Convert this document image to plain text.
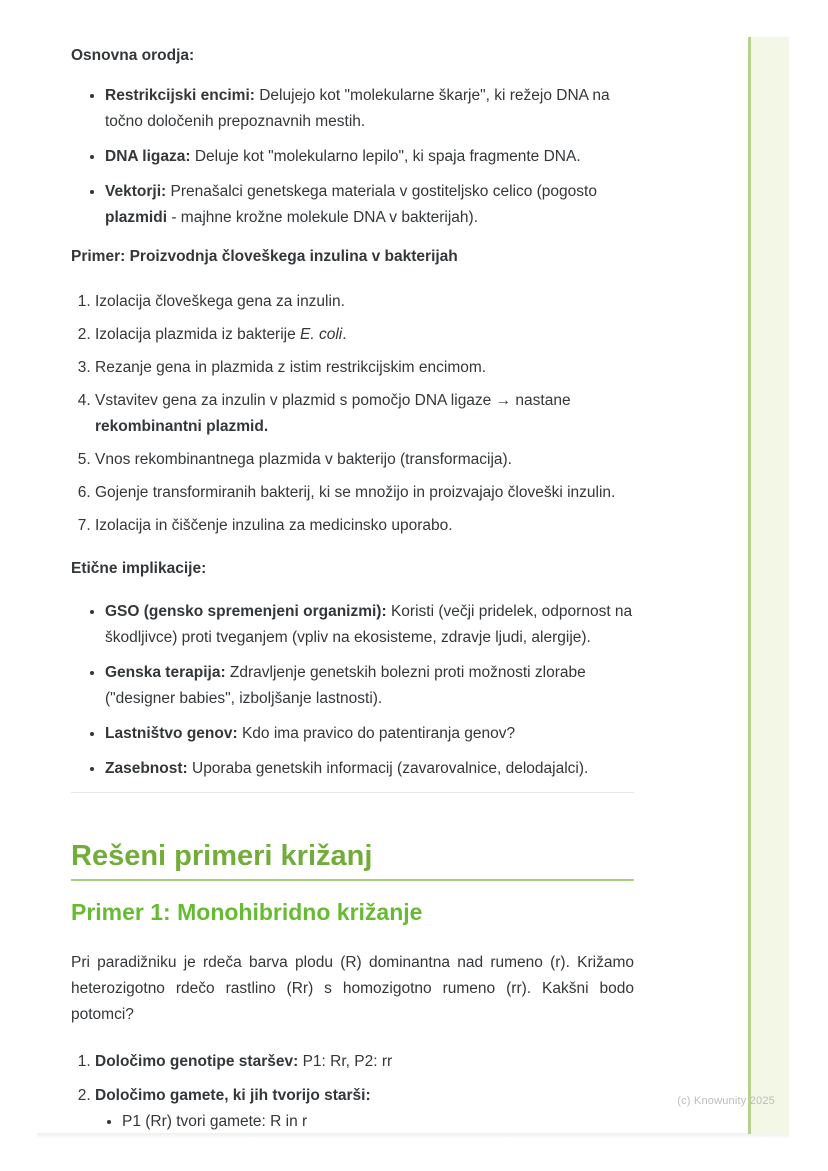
Osnovna orodja:

• Restrikcijski encimi: Delujejo kot "molekularne škarje", ki režejo DNA na točno določenih prepoznavnih mestih.
• DNA ligaza: Deluje kot "molekularno lepilo", ki spaja fragmente DNA.
• Vektorji: Prenašalci genetskega materiala v gostiteljsko celico (pogosto plazmidi - majhne krožne molekule DNA v bakterijah).

Primer: Proizvodnja človeškega inzulina v bakterijah

1. Izolacija človeškega gena za inzulin.
2. Izolacija plazmida iz bakterije E. coli.
3. Rezanje gena in plazmida z istim restrikcijskim encimom.
4. Vstavitev gena za inzulin v plazmid s pomočjo DNA ligaze → nastane rekombinantni plazmid.
5. Vnos rekombinantnega plazmida v bakterijo (transformacija).
6. Gojenje transformiranih bakterij, ki se množijo in proizvajajo človeški inzulin.
7. Izolacija in čiščenje inzulina za medicinsko uporabo.

Etične implikacije:

• GSO (gensko spremenjeni organizmi): Koristi (večji pridelek, odpornost na škodljivce) proti tveganjem (vpliv na ekosisteme, zdravje ljudi, alergije).
• Genska terapija: Zdravljenje genetskih bolezni proti možnosti zlorabe ("designer babies", izboljšanje lastnosti).
• Lastništvo genov: Kdo ima pravico do patentiranja genov?
• Zasebnost: Uporaba genetskih informacij (zavarovalnice, delodajalci).
Rešeni primeri križanj
Primer 1: Monohibridno križanje

Pri paradižniku je rdeča barva plodu (R) dominantna nad rumeno (r). Križamo heterozigotno rdečo rastlino (Rr) s homozigotno rumeno (rr). Kakšni bodo potomci?

1. Določimo genotipe staršev: P1: Rr, P2: rr
2. Določimo gamete, ki jih tvorijo starši:
• P1 (Rr) tvori gamete: R in r
(c) Knowunity 2025
